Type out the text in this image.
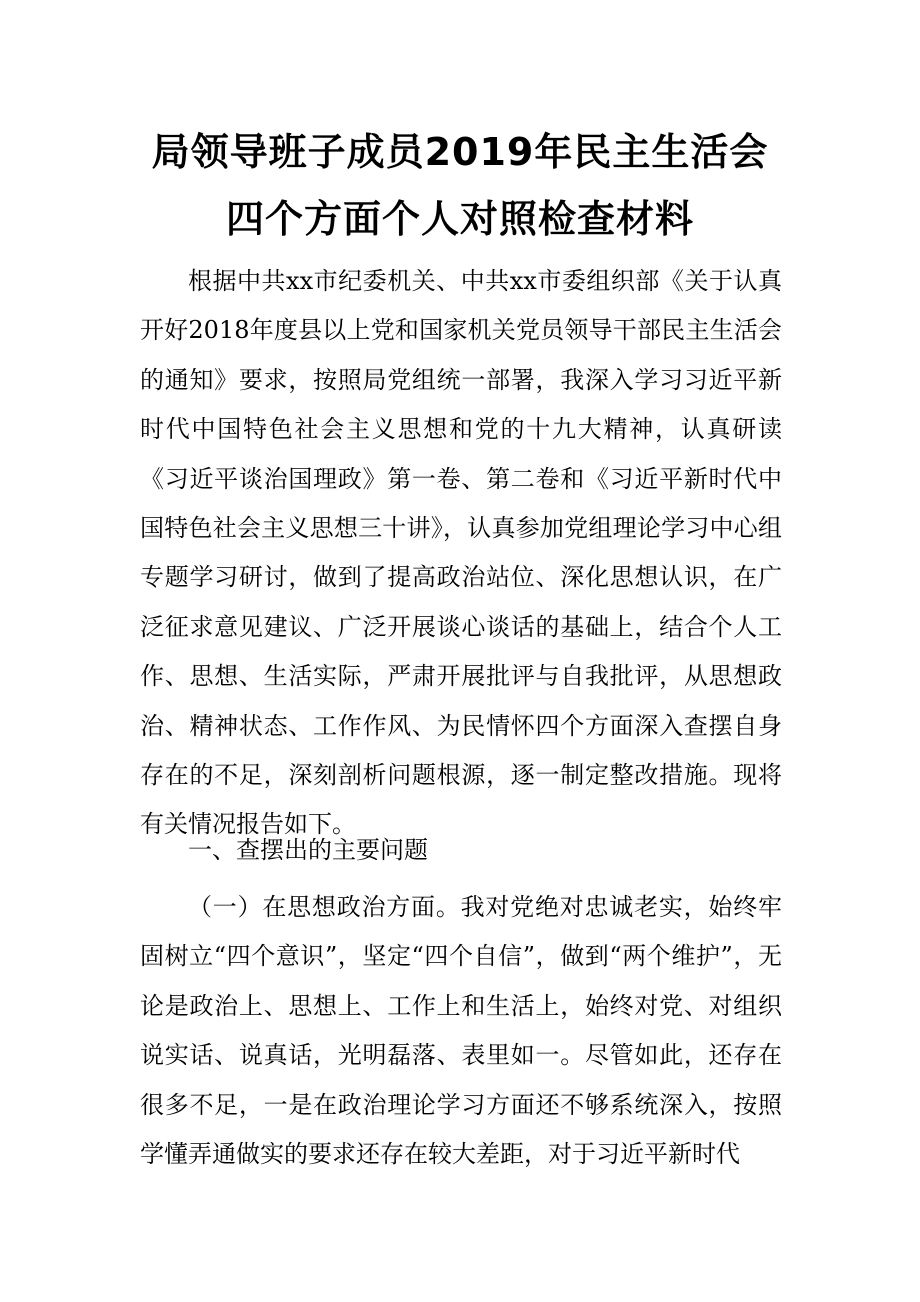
局领导班子成员2019年民主生活会
四个方面个人对照检查材料

根据中共xx市纪委机关、中共xx市委组织部《关于认真开好2018年度县以上党和国家机关党员领导干部民主生活会的通知》要求，按照局党组统一部署，我深入学习习近平新时代中国特色社会主义思想和党的十九大精神，认真研读《习近平谈治国理政》第一卷、第二卷和《习近平新时代中国特色社会主义思想三十讲》，认真参加党组理论学习中心组专题学习研讨，做到了提高政治站位、深化思想认识，在广泛征求意见建议、广泛开展谈心谈话的基础上，结合个人工作、思想、生活实际，严肃开展批评与自我批评，从思想政治、精神状态、工作作风、为民情怀四个方面深入查摆自身存在的不足，深刻剖析问题根源，逐一制定整改措施。现将有关情况报告如下。

一、查摆出的主要问题

（一）在思想政治方面。我对党绝对忠诚老实，始终牢固树立“四个意识”，坚定“四个自信”，做到“两个维护”，无论是政治上、思想上、工作上和生活上，始终对党、对组织说实话、说真话，光明磊落、表里如一。尽管如此，还存在很多不足，一是在政治理论学习方面还不够系统深入，按照学懂弄通做实的要求还存在较大差距，对于习近平新时代
